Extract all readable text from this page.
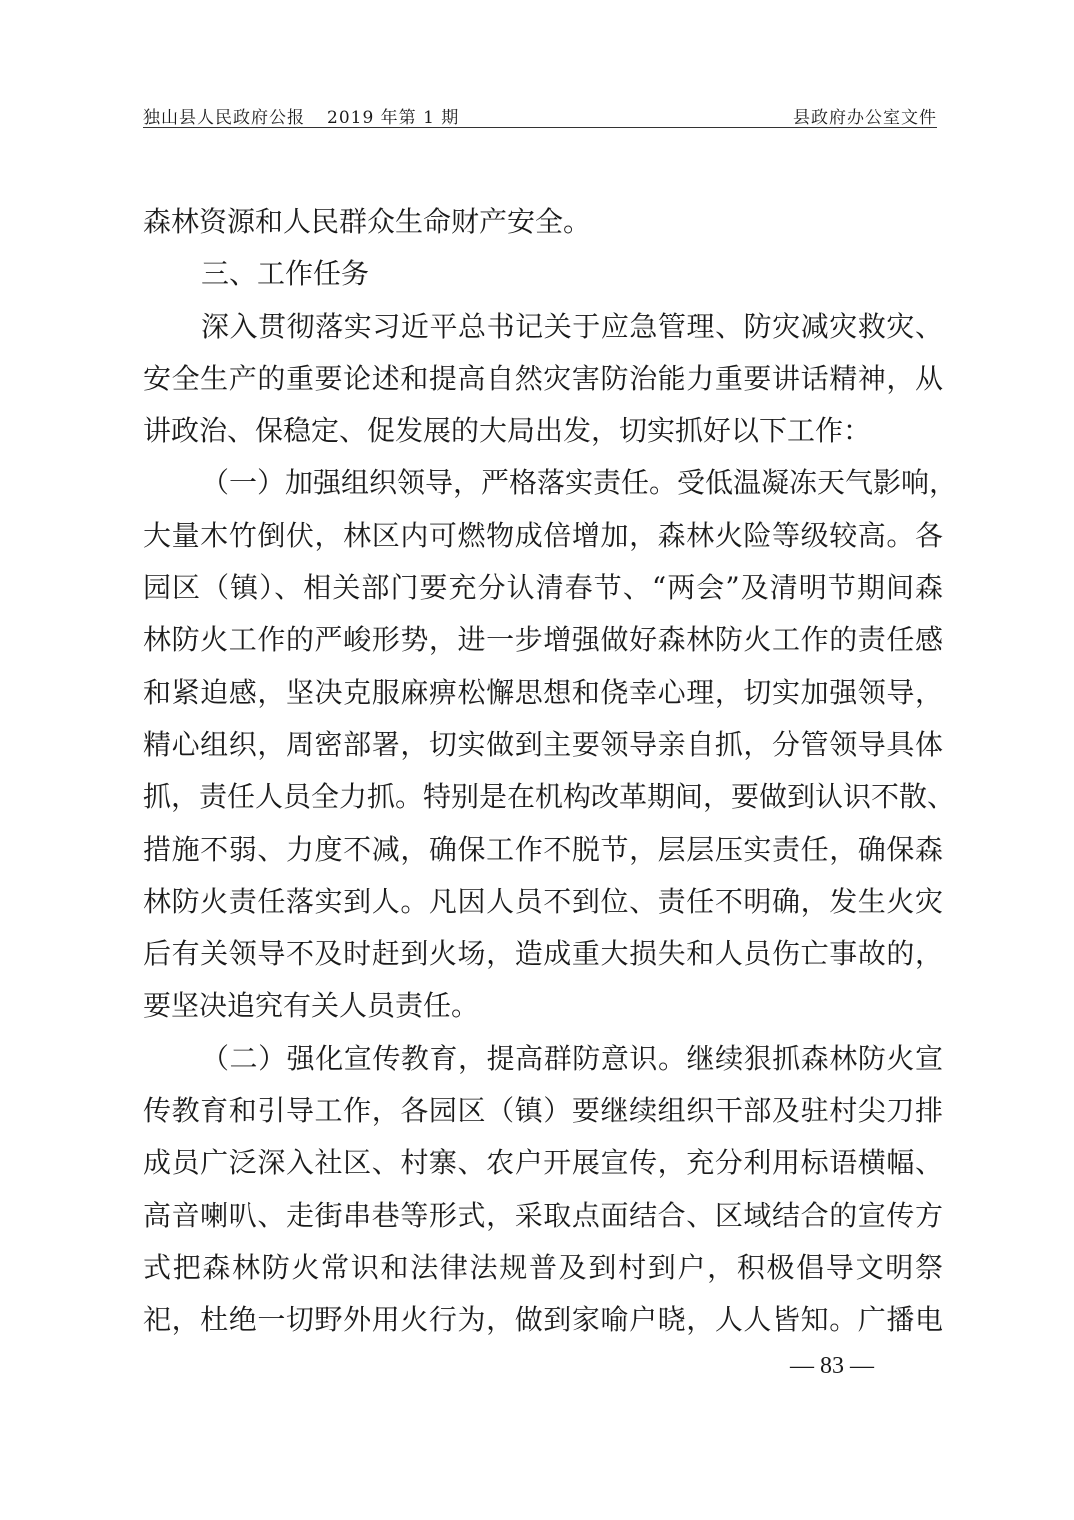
独山县人民政府公报 2019 年第 1 期	县政府办公室文件
森林资源和人民群众生命财产安全。
三、工作任务
深入贯彻落实习近平总书记关于应急管理、防灾减灾救灾、
安全生产的重要论述和提高自然灾害防治能力重要讲话精神，从
讲政治、保稳定、促发展的大局出发，切实抓好以下工作：
（一）加强组织领导，严格落实责任。受低温凝冻天气影响，
大量木竹倒伏，林区内可燃物成倍增加，森林火险等级较高。各
园区（镇）、相关部门要充分认清春节、“两会”及清明节期间森
林防火工作的严峻形势，进一步增强做好森林防火工作的责任感
和紧迫感，坚决克服麻痹松懈思想和侥幸心理，切实加强领导，
精心组织，周密部署，切实做到主要领导亲自抓，分管领导具体
抓，责任人员全力抓。特别是在机构改革期间，要做到认识不散、
措施不弱、力度不减，确保工作不脱节，层层压实责任，确保森
林防火责任落实到人。凡因人员不到位、责任不明确，发生火灾
后有关领导不及时赶到火场，造成重大损失和人员伤亡事故的，
要坚决追究有关人员责任。
（二）强化宣传教育，提高群防意识。继续狠抓森林防火宣
传教育和引导工作，各园区（镇）要继续组织干部及驻村尖刀排
成员广泛深入社区、村寨、农户开展宣传，充分利用标语横幅、
高音喇叭、走街串巷等形式，采取点面结合、区域结合的宣传方
式把森林防火常识和法律法规普及到村到户，积极倡导文明祭
祀，杜绝一切野外用火行为，做到家喻户晓，人人皆知。广播电
— 83 —
